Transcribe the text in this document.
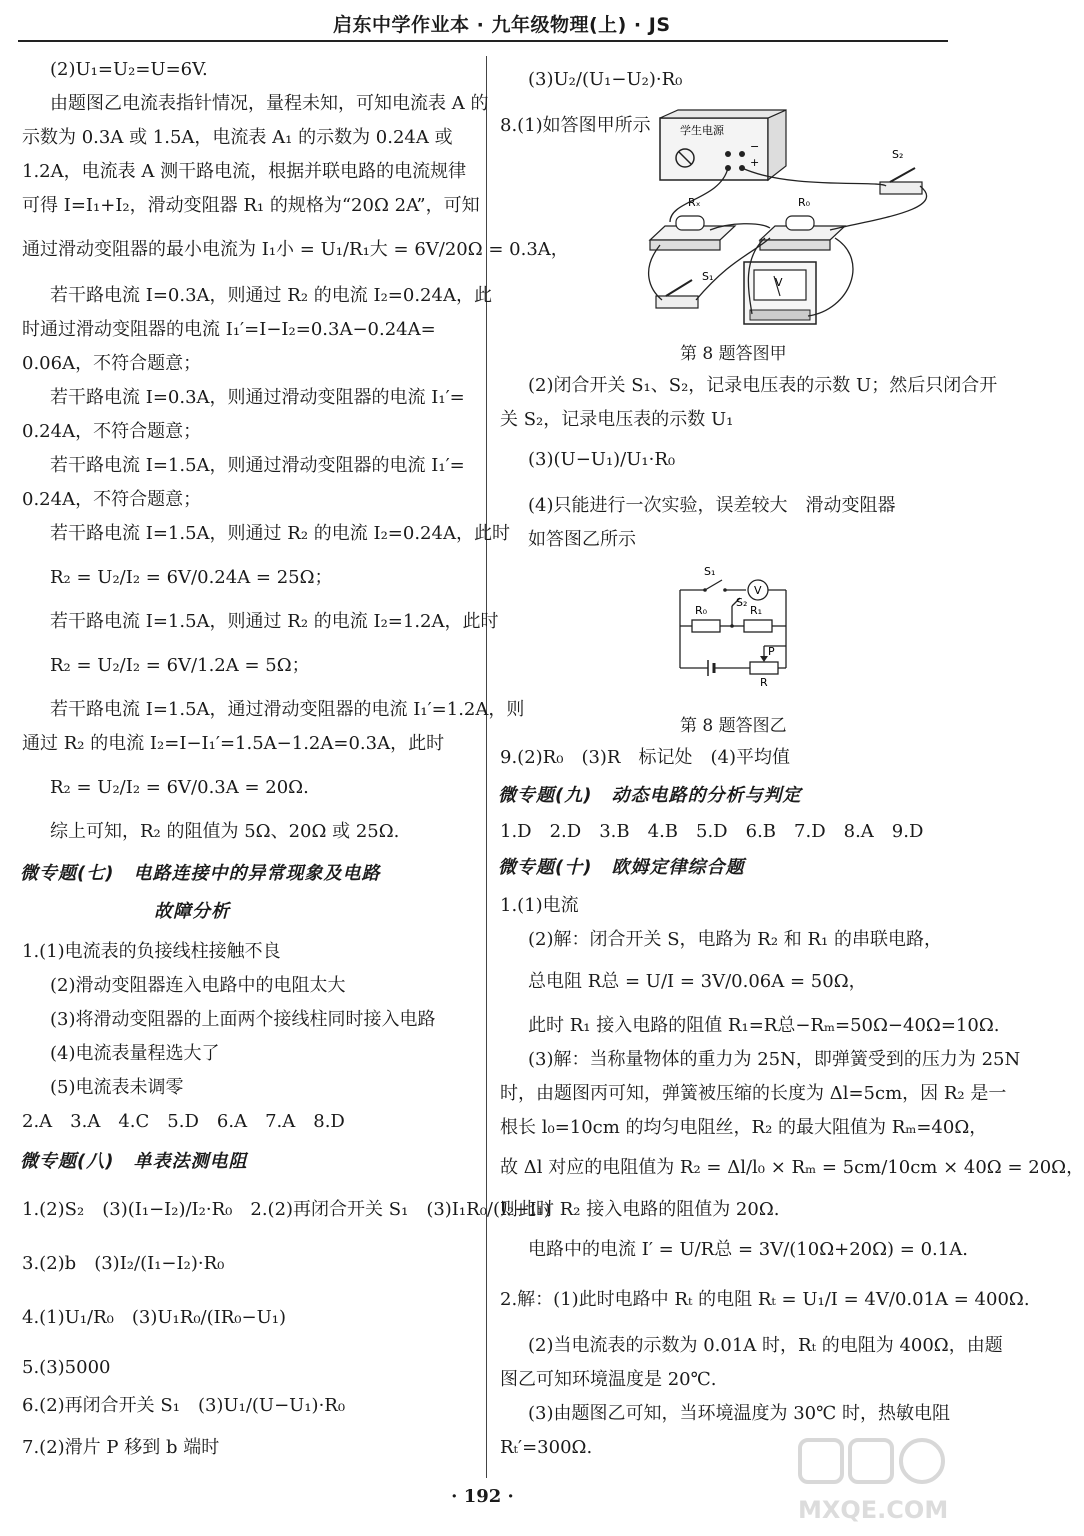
启东中学作业本 · 九年级物理(上) · JS
(2)U₁=U₂=U=6V.
由题图乙电流表指针情况，量程未知，可知电流表 A 的
示数为 0.3A 或 1.5A，电流表 A₁ 的示数为 0.24A 或
1.2A，电流表 A 测干路电流，根据并联电路的电流规律
可得 I=I₁+I₂，滑动变阻器 R₁ 的规格为“20Ω 2A”，可知
通过滑动变阻器的最小电流为 I₁小 = U₁/R₁大 = 6V/20Ω = 0.3A，
若干路电流 I=0.3A，则通过 R₂ 的电流 I₂=0.24A，此
时通过滑动变阻器的电流 I₁′=I−I₂=0.3A−0.24A=
0.06A，不符合题意；
若干路电流 I=0.3A，则通过滑动变阻器的电流 I₁′=
0.24A，不符合题意；
若干路电流 I=1.5A，则通过滑动变阻器的电流 I₁′=
0.24A，不符合题意；
若干路电流 I=1.5A，则通过 R₂ 的电流 I₂=0.24A，此时
R₂ = U₂/I₂ = 6V/0.24A = 25Ω；
若干路电流 I=1.5A，则通过 R₂ 的电流 I₂=1.2A，此时
R₂ = U₂/I₂ = 6V/1.2A = 5Ω；
若干路电流 I=1.5A，通过滑动变阻器的电流 I₁′=1.2A，则
通过 R₂ 的电流 I₂=I−I₁′=1.5A−1.2A=0.3A，此时
R₂ = U₂/I₂ = 6V/0.3A = 20Ω.
综上可知，R₂ 的阻值为 5Ω、20Ω 或 25Ω.
微专题(七)　电路连接中的异常现象及电路
故障分析
1.(1)电流表的负接线柱接触不良
(2)滑动变阻器连入电路中的电阻太大
(3)将滑动变阻器的上面两个接线柱同时接入电路
(4)电流表量程选大了
(5)电流表未调零
2.A　3.A　4.C　5.D　6.A　7.A　8.D
微专题(八)　单表法测电阻
1.(2)S₂　(3)(I₁−I₂)/I₂·R₀　2.(2)再闭合开关 S₁　(3)I₁R₀/(I₂−I₁)
3.(2)b　(3)I₂/(I₁−I₂)·R₀
4.(1)U₁/R₀　(3)U₁R₀/(IR₀−U₁)
5.(3)5000
6.(2)再闭合开关 S₁　(3)U₁/(U−U₁)·R₀
7.(2)滑片 P 移到 b 端时
(3)U₂/(U₁−U₂)·R₀
8.(1)如答图甲所示	学生电源
−
+
S₂
Rₓ	R₀
S₁	V
第 8 题答图甲
(2)闭合开关 S₁、S₂，记录电压表的示数 U；然后只闭合开
关 S₂，记录电压表的示数 U₁
(3)(U−U₁)/U₁·R₀
(4)只能进行一次实验，误差较大　滑动变阻器
如答图乙所示
S₁
V
R₀
S₂
R₁
P
R
第 8 题答图乙
9.(2)R₀　(3)R　标记处　(4)平均值
微专题(九)　动态电路的分析与判定
1.D　2.D　3.B　4.B　5.D　6.B　7.D　8.A　9.D
微专题(十)　欧姆定律综合题
1.(1)电流
(2)解：闭合开关 S，电路为 R₂ 和 R₁ 的串联电路，
总电阻 R总 = U/I = 3V/0.06A = 50Ω，
此时 R₁ 接入电路的阻值 R₁=R总−Rₘ=50Ω−40Ω=10Ω.
(3)解：当称量物体的重力为 25N，即弹簧受到的压力为 25N
时，由题图丙可知，弹簧被压缩的长度为 Δl=5cm，因 R₂ 是一
根长 l₀=10cm 的均匀电阻丝，R₂ 的最大阻值为 Rₘ=40Ω，
故 Δl 对应的电阻值为 R₂ = Δl/l₀ × Rₘ = 5cm/10cm × 40Ω = 20Ω，
则此时 R₂ 接入电路的阻值为 20Ω.
电路中的电流 I′ = U/R总 = 3V/(10Ω+20Ω) = 0.1A.
2.解：(1)此时电路中 Rₜ 的电阻 Rₜ = U₁/I = 4V/0.01A = 400Ω.
(2)当电流表的示数为 0.01A 时，Rₜ 的电阻为 400Ω，由题
图乙可知环境温度是 20℃.
(3)由题图乙可知，当环境温度为 30℃ 时，热敏电阻
Rₜ′=300Ω.
· 192 ·	MXQE.COM
